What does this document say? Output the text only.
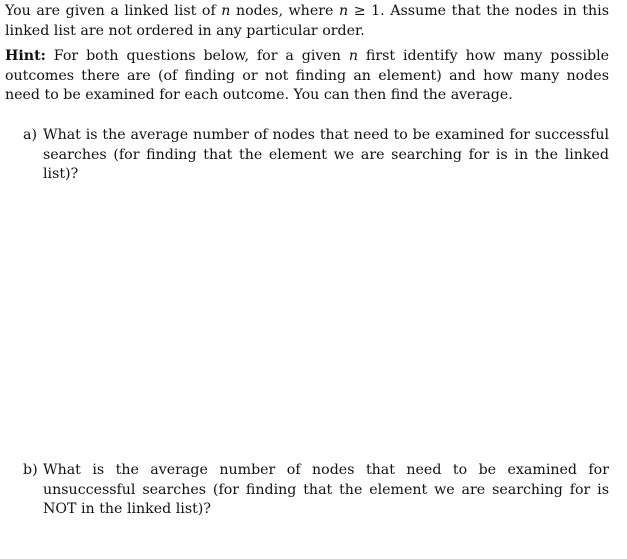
You are given a linked list of n nodes, where n ≥ 1. Assume that the nodes in this linked list are not ordered in any particular order.

Hint: For both questions below, for a given n first identify how many possible outcomes there are (of finding or not finding an element) and how many nodes need to be examined for each outcome. You can then find the average.

a) What is the average number of nodes that need to be examined for successful searches (for finding that the element we are searching for is in the linked list)?
b) What is the average number of nodes that need to be examined for unsuccessful searches (for finding that the element we are searching for is NOT in the linked list)?
